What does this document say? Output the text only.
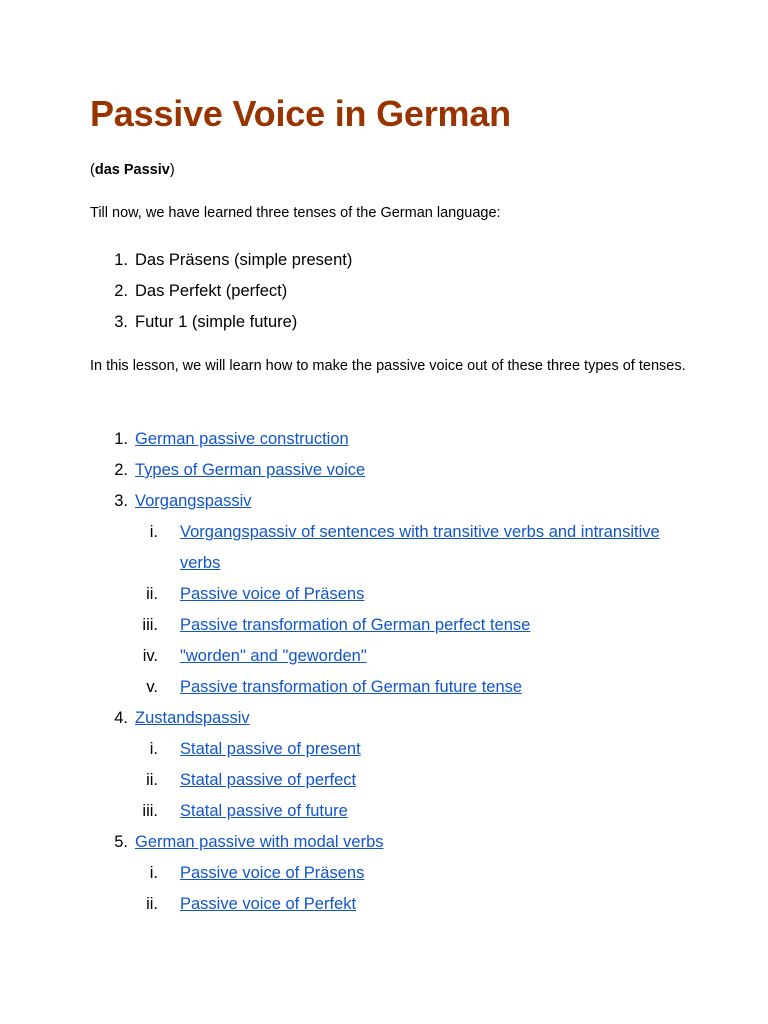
Passive Voice in German
(das Passiv)

Till now, we have learned three tenses of the German language:

1. Das Präsens (simple present)
2. Das Perfekt (perfect)
3. Futur 1 (simple future)

In this lesson, we will learn how to make the passive voice out of these three types of tenses.

1. German passive construction
2. Types of German passive voice
3. Vorgangspassiv
i. Vorgangspassiv of sentences with transitive verbs and intransitive verbs
ii. Passive voice of Präsens
iii. Passive transformation of German perfect tense
iv. "worden" and "geworden"
v. Passive transformation of German future tense
4. Zustandspassiv
i. Statal passive of present
ii. Statal passive of perfect
iii. Statal passive of future
5. German passive with modal verbs
i. Passive voice of Präsens
ii. Passive voice of Perfekt
